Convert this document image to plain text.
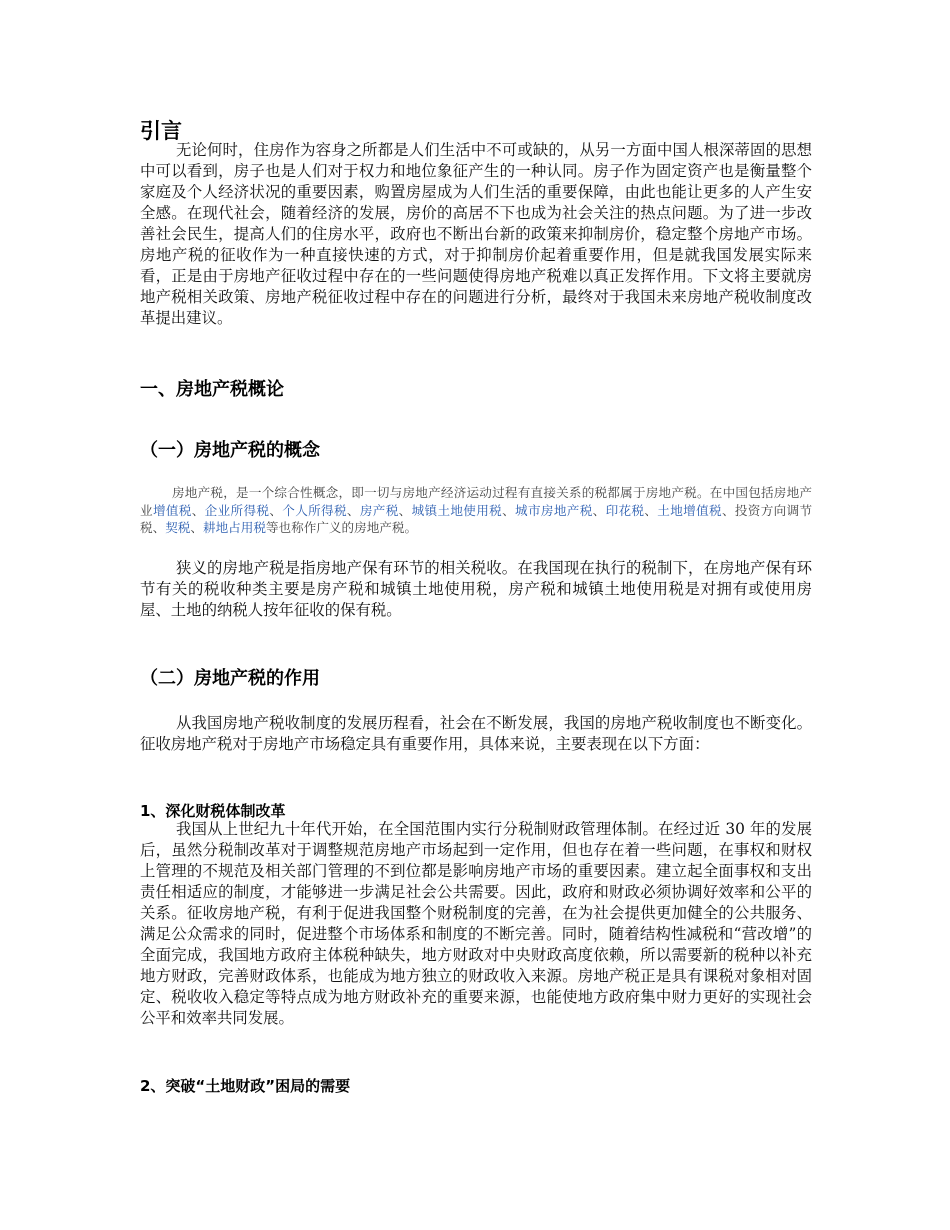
引言

无论何时，住房作为容身之所都是人们生活中不可或缺的，从另一方面中国人根深蒂固的思想中可以看到，房子也是人们对于权力和地位象征产生的一种认同。房子作为固定资产也是衡量整个家庭及个人经济状况的重要因素，购置房屋成为人们生活的重要保障，由此也能让更多的人产生安全感。在现代社会，随着经济的发展，房价的高居不下也成为社会关注的热点问题。为了进一步改善社会民生，提高人们的住房水平，政府也不断出台新的政策来抑制房价，稳定整个房地产市场。房地产税的征收作为一种直接快速的方式，对于抑制房价起着重要作用，但是就我国发展实际来看，正是由于房地产征收过程中存在的一些问题使得房地产税难以真正发挥作用。下文将主要就房地产税相关政策、房地产税征收过程中存在的问题进行分析，最终对于我国未来房地产税收制度改革提出建议。

一、房地产税概论
（一）房地产税的概念

房地产税，是一个综合性概念，即一切与房地产经济运动过程有直接关系的税都属于房地产税。在中国包括房地产业增值税、企业所得税、个人所得税、房产税、城镇土地使用税、城市房地产税、印花税、土地增值税、投资方向调节税、契税、耕地占用税等也称作广义的房地产税。

狭义的房地产税是指房地产保有环节的相关税收。在我国现在执行的税制下，在房地产保有环节有关的税收种类主要是房产税和城镇土地使用税，房产税和城镇土地使用税是对拥有或使用房屋、土地的纳税人按年征收的保有税。

（二）房地产税的作用

从我国房地产税收制度的发展历程看，社会在不断发展，我国的房地产税收制度也不断变化。征收房地产税对于房地产市场稳定具有重要作用，具体来说，主要表现在以下方面：

1、深化财税体制改革

我国从上世纪九十年代开始，在全国范围内实行分税制财政管理体制。在经过近 30 年的发展后，虽然分税制改革对于调整规范房地产市场起到一定作用，但也存在着一些问题，在事权和财权上管理的不规范及相关部门管理的不到位都是影响房地产市场的重要因素。建立起全面事权和支出责任相适应的制度，才能够进一步满足社会公共需要。因此，政府和财政必须协调好效率和公平的关系。征收房地产税，有利于促进我国整个财税制度的完善，在为社会提供更加健全的公共服务、满足公众需求的同时，促进整个市场体系和制度的不断完善。同时，随着结构性减税和“营改增”的全面完成，我国地方政府主体税种缺失，地方财政对中央财政高度依赖，所以需要新的税种以补充地方财政，完善财政体系，也能成为地方独立的财政收入来源。房地产税正是具有课税对象相对固定、税收收入稳定等特点成为地方财政补充的重要来源，也能使地方政府集中财力更好的实现社会公平和效率共同发展。

2、突破“土地财政”困局的需要
